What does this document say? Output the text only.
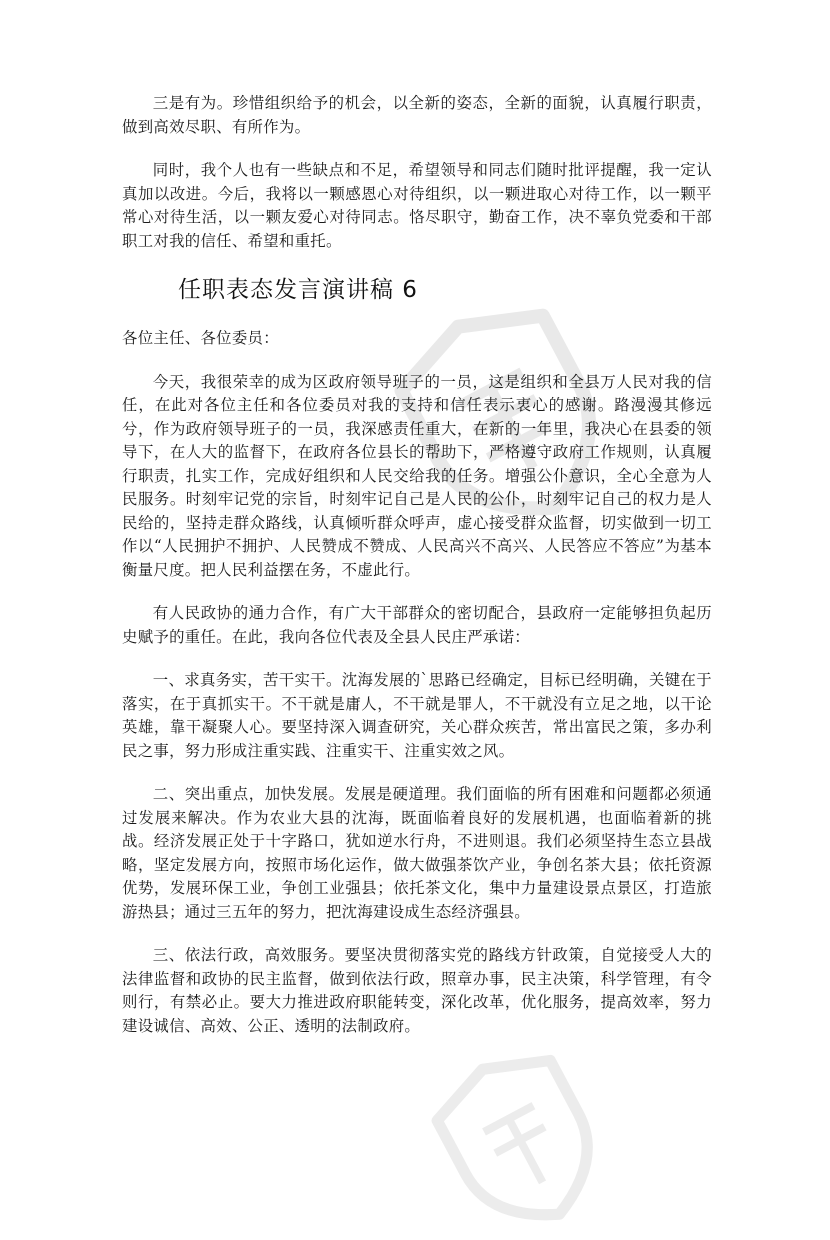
三是有为。珍惜组织给予的机会，以全新的姿态，全新的面貌，认真履行职责，做到高效尽职、有所作为。

同时，我个人也有一些缺点和不足，希望领导和同志们随时批评提醒，我一定认真加以改进。今后，我将以一颗感恩心对待组织，以一颗进取心对待工作，以一颗平常心对待生活，以一颗友爱心对待同志。恪尽职守，勤奋工作，决不辜负党委和干部职工对我的信任、希望和重托。

任职表态发言演讲稿 6

各位主任、各位委员：

今天，我很荣幸的成为区政府领导班子的一员，这是组织和全县万人民对我的信任，在此对各位主任和各位委员对我的支持和信任表示衷心的感谢。路漫漫其修远兮，作为政府领导班子的一员，我深感责任重大，在新的一年里，我决心在县委的领导下，在人大的监督下，在政府各位县长的帮助下，严格遵守政府工作规则，认真履行职责，扎实工作，完成好组织和人民交给我的任务。增强公仆意识，全心全意为人民服务。时刻牢记党的宗旨，时刻牢记自己是人民的公仆，时刻牢记自己的权力是人民给的，坚持走群众路线，认真倾听群众呼声，虚心接受群众监督，切实做到一切工作以“人民拥护不拥护、人民赞成不赞成、人民高兴不高兴、人民答应不答应”为基本衡量尺度。把人民利益摆在务，不虚此行。

有人民政协的通力合作，有广大干部群众的密切配合，县政府一定能够担负起历史赋予的重任。在此，我向各位代表及全县人民庄严承诺：

一、求真务实，苦干实干。沈海发展的`思路已经确定，目标已经明确，关键在于落实，在于真抓实干。不干就是庸人，不干就是罪人，不干就没有立足之地，以干论英雄，靠干凝聚人心。要坚持深入调查研究，关心群众疾苦，常出富民之策，多办利民之事，努力形成注重实践、注重实干、注重实效之风。

二、突出重点，加快发展。发展是硬道理。我们面临的所有困难和问题都必须通过发展来解决。作为农业大县的沈海，既面临着良好的发展机遇，也面临着新的挑战。经济发展正处于十字路口，犹如逆水行舟，不进则退。我们必须坚持生态立县战略，坚定发展方向，按照市场化运作，做大做强茶饮产业，争创名茶大县；依托资源优势，发展环保工业，争创工业强县；依托茶文化，集中力量建设景点景区，打造旅游热县；通过三五年的努力，把沈海建设成生态经济强县。

三、依法行政，高效服务。要坚决贯彻落实党的路线方针政策，自觉接受人大的法律监督和政协的民主监督，做到依法行政，照章办事，民主决策，科学管理，有令则行，有禁必止。要大力推进政府职能转变，深化改革，优化服务，提高效率，努力建设诚信、高效、公正、透明的法制政府。
